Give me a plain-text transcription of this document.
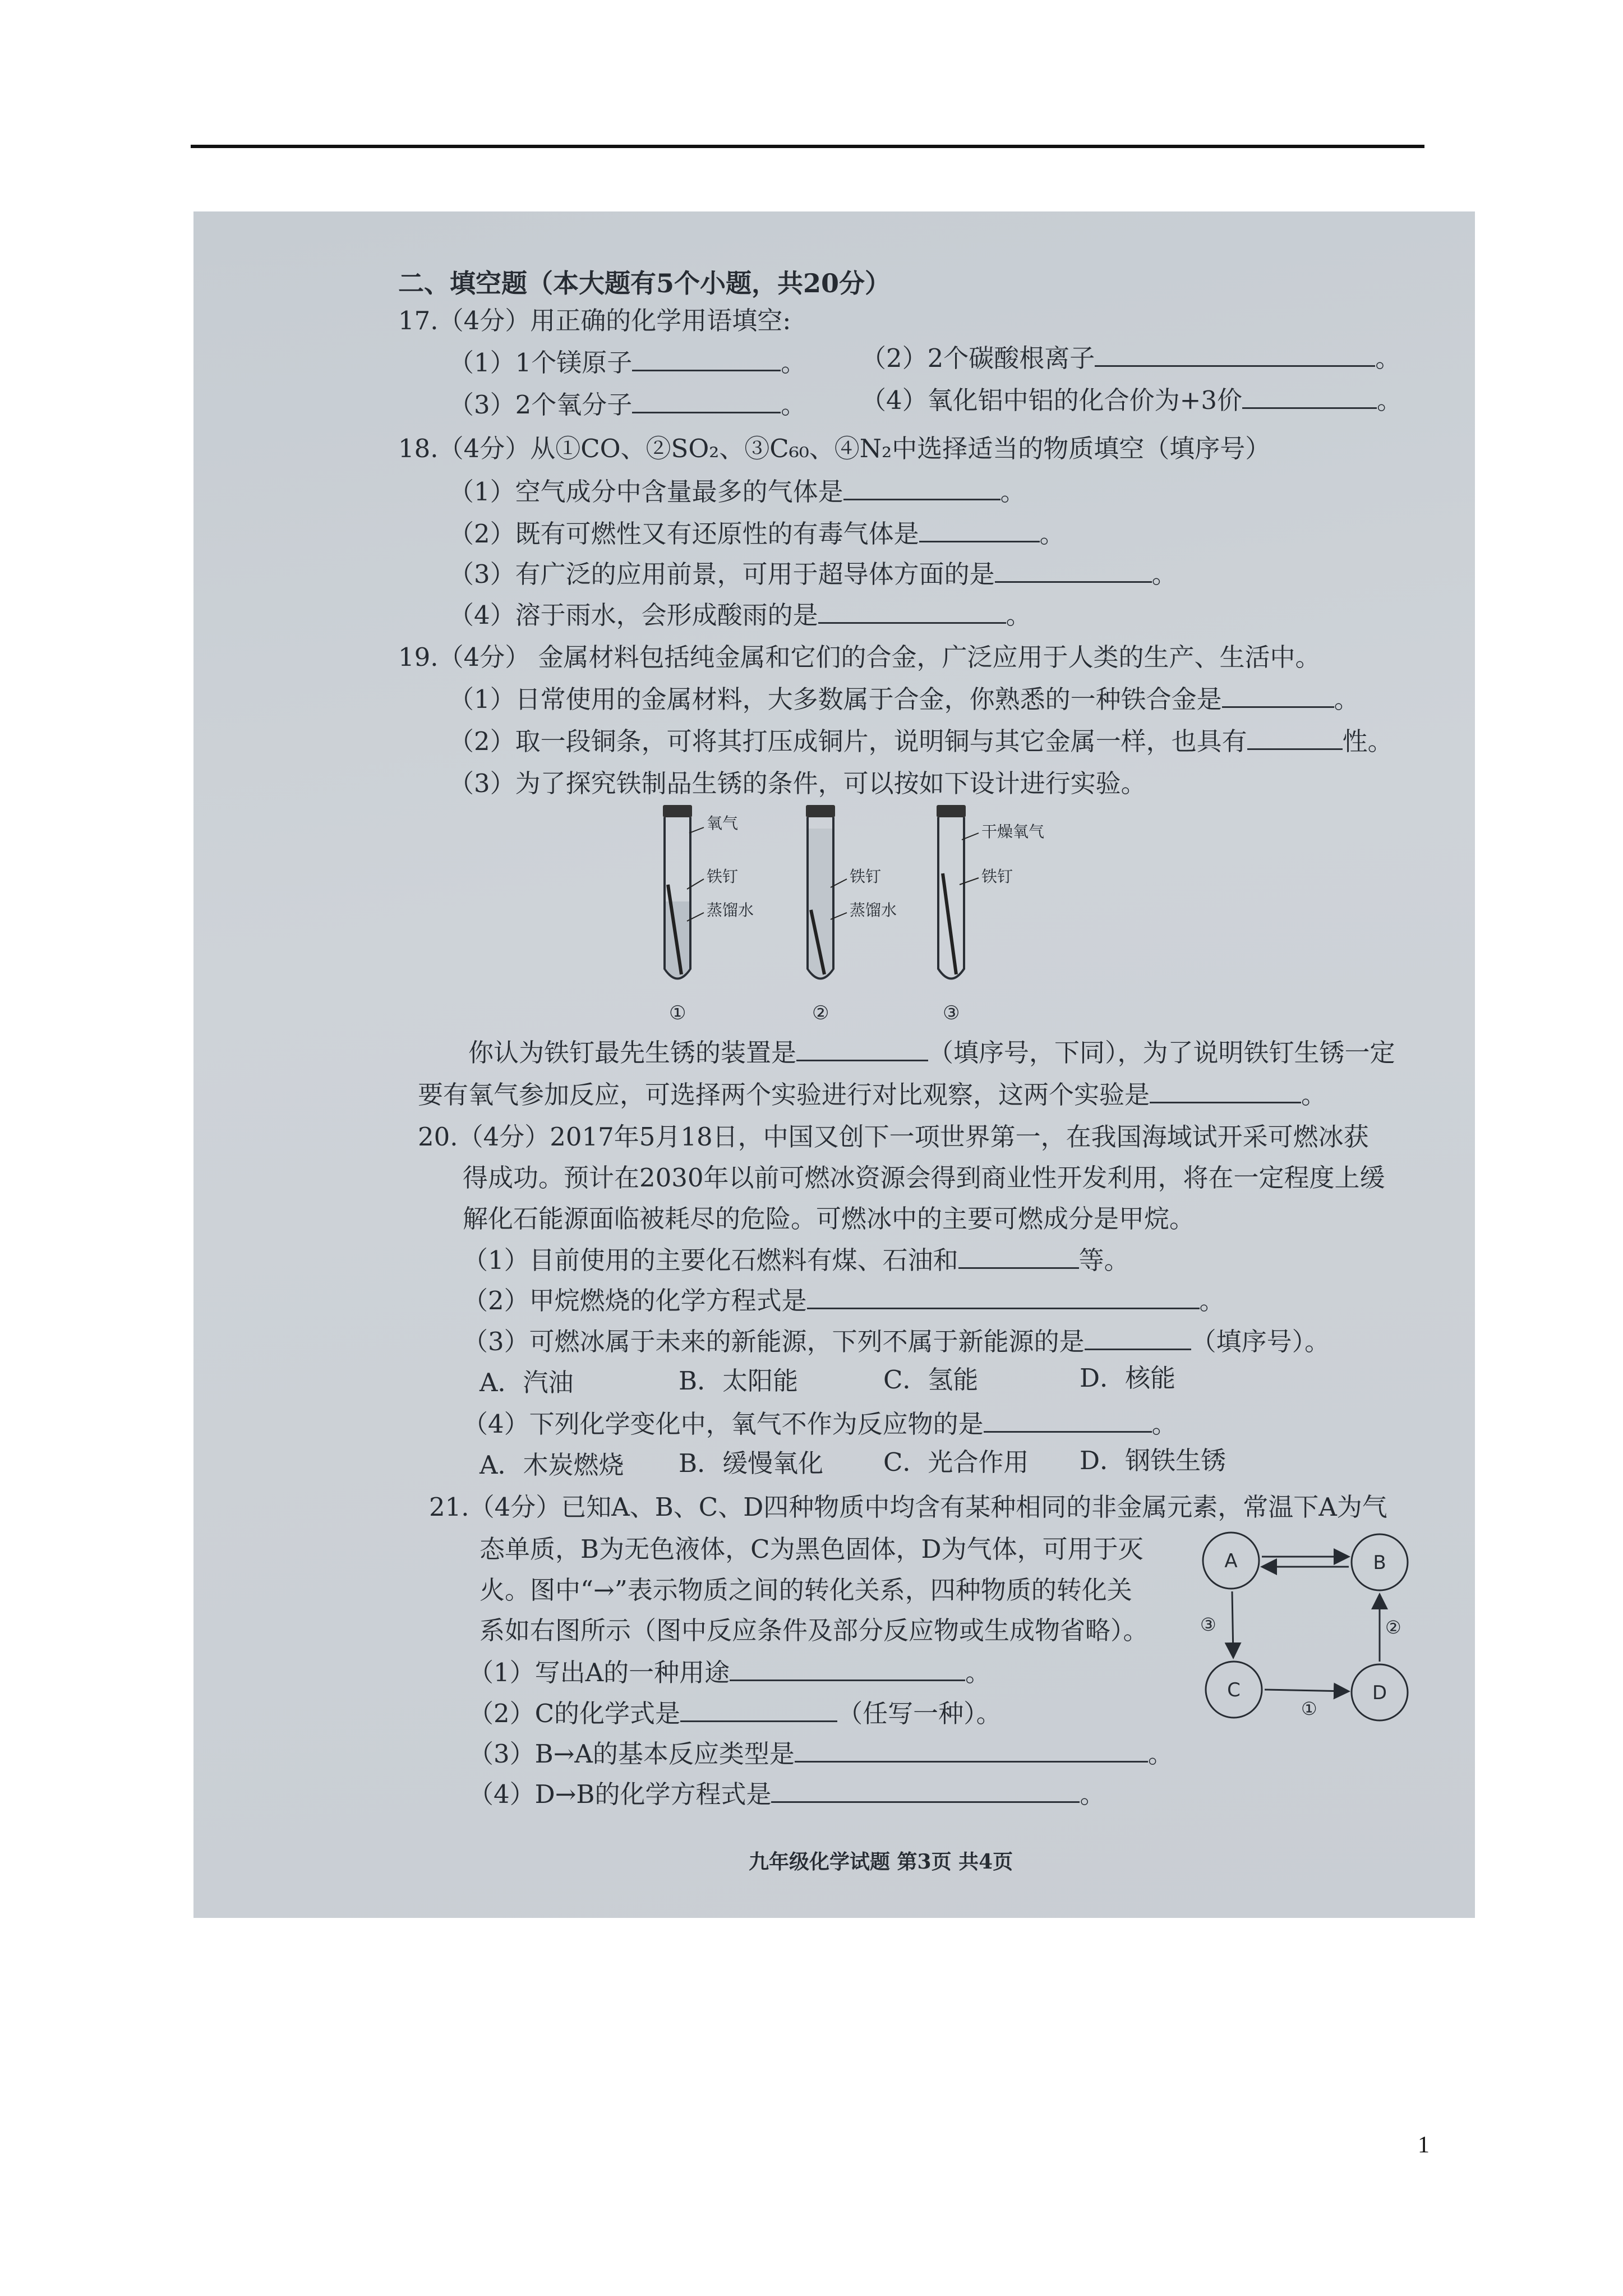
二、填空题（本大题有5个小题，共20分）
17.（4分）用正确的化学用语填空:
（1）1个镁原子	。 （2）2个碳酸根离子	。
（3）2个氧分子	。 （4）氧化铝中铝的化合价为+3价	。
18.（4分）从①CO、②SO₂、③C₆₀、④N₂中选择适当的物质填空（填序号）
（1）空气成分中含量最多的气体是	。
（2）既有可燃性又有还原性的有毒气体是	。
（3）有广泛的应用前景，可用于超导体方面的是	。
（4）溶于雨水，会形成酸雨的是	。
19.（4分） 金属材料包括纯金属和它们的合金，广泛应用于人类的生产、生活中。
（1）日常使用的金属材料，大多数属于合金，你熟悉的一种铁合金是	。
（2）取一段铜条，可将其打压成铜片，说明铜与其它金属一样，也具有	性。
（3）为了探究铁制品生锈的条件，可以按如下设计进行实验。
氧气
铁钉
蒸馏水
①
铁钉
蒸馏水
②
干燥氧气
铁钉
③
你认为铁钉最先生锈的装置是	（填序号，下同），为了说明铁钉生锈一定
要有氧气参加反应，可选择两个实验进行对比观察，这两个实验是	。
20.（4分）2017年5月18日，中国又创下一项世界第一，在我国海域试开采可燃冰获
得成功。预计在2030年以前可燃冰资源会得到商业性开发利用，将在一定程度上缓
解化石能源面临被耗尽的危险。可燃冰中的主要可燃成分是甲烷。
（1）目前使用的主要化石燃料有煤、石油和	等。
（2）甲烷燃烧的化学方程式是	。
（3）可燃冰属于未来的新能源，下列不属于新能源的是	（填序号）。
A．汽油	B．太阳能	C．氢能	D．核能
（4）下列化学变化中，氧气不作为反应物的是	。
A．木炭燃烧 B．缓慢氧化 C．光合作用 D．钢铁生锈
21.（4分）已知A、B、C、D四种物质中均含有某种相同的非金属元素，常温下A为气
态单质，B为无色液体，C为黑色固体，D为气体，可用于灭
火。图中“→”表示物质之间的转化关系，四种物质的转化关
系如右图所示（图中反应条件及部分反应物或生成物省略）。
（1）写出A的一种用途	。
（2）C的化学式是	（任写一种）。
（3）B→A的基本反应类型是	。
（4）D→B的化学方程式是	。
A	B
C	D
③	②
①
九年级化学试题 第3页 共4页
1
